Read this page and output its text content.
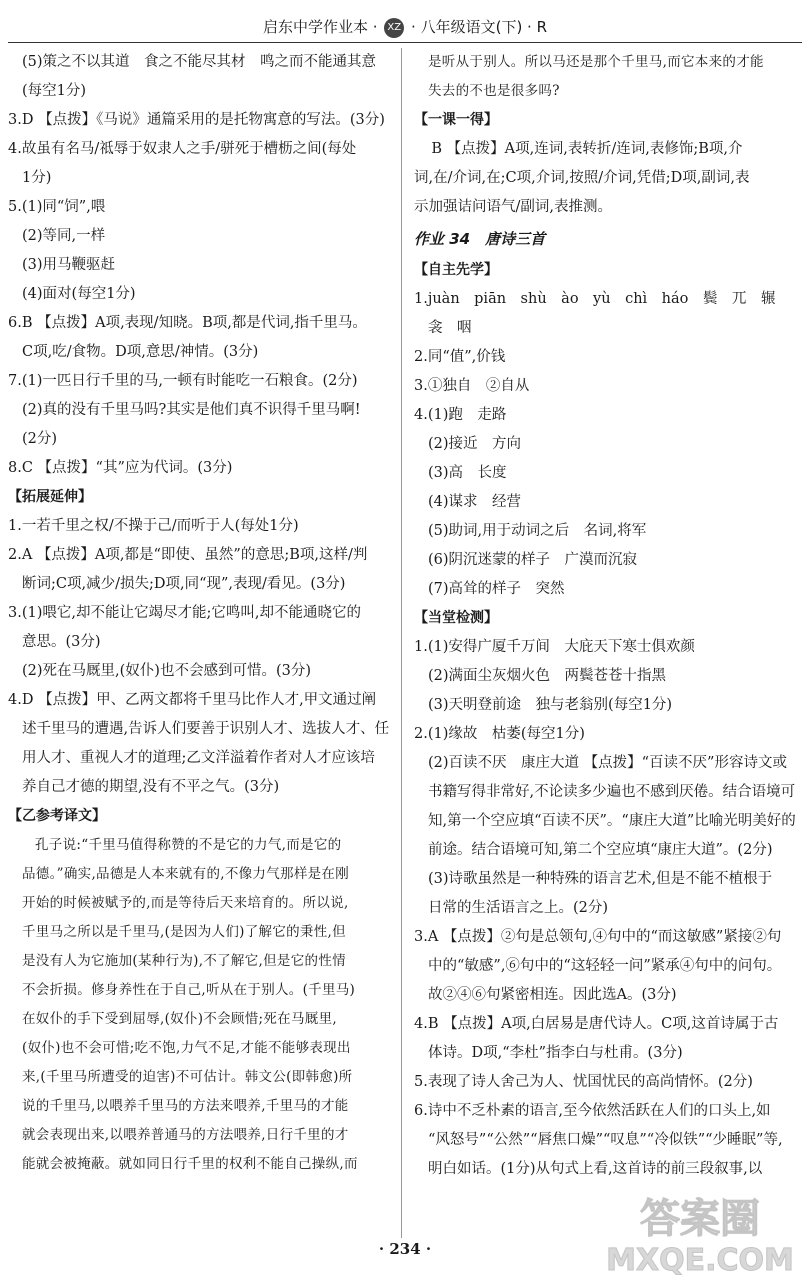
启东中学作业本 · XZ · 八年级语文(下) · R

(5)策之不以其道　食之不能尽其材　鸣之而不能通其意

(每空1分)

3.D 【点拨】《马说》通篇采用的是托物寓意的写法。(3分)

4.故虽有名马/祗辱于奴隶人之手/骈死于槽枥之间(每处

1分)

5.(1)同“饲”,喂

(2)等同,一样

(3)用马鞭驱赶

(4)面对(每空1分)

6.B 【点拨】A项,表现/知晓。B项,都是代词,指千里马。

C项,吃/食物。D项,意思/神情。(3分)

7.(1)一匹日行千里的马,一顿有时能吃一石粮食。(2分)

(2)真的没有千里马吗?其实是他们真不识得千里马啊!

(2分)

8.C 【点拨】“其”应为代词。(3分)

【拓展延伸】

1.一若千里之权/不操于己/而听于人(每处1分)

2.A 【点拨】A项,都是“即使、虽然”的意思;B项,这样/判

断词;C项,减少/损失;D项,同“现”,表现/看见。(3分)

3.(1)喂它,却不能让它竭尽才能;它鸣叫,却不能通晓它的

意思。(3分)

(2)死在马厩里,(奴仆)也不会感到可惜。(3分)

4.D 【点拨】甲、乙两文都将千里马比作人才,甲文通过阐

述千里马的遭遇,告诉人们要善于识别人才、选拔人才、任

用人才、重视人才的道理;乙文洋溢着作者对人才应该培

养自己才德的期望,没有不平之气。(3分)

【乙参考译文】

孔子说:“千里马值得称赞的不是它的力气,而是它的

品德。”确实,品德是人本来就有的,不像力气那样是在刚

开始的时候被赋予的,而是等待后天来培育的。所以说,

千里马之所以是千里马,(是因为人们)了解它的秉性,但

是没有人为它施加(某种行为),不了解它,但是它的性情

不会折损。修身养性在于自己,听从在于别人。(千里马)

在奴仆的手下受到屈辱,(奴仆)不会顾惜;死在马厩里,

(奴仆)也不会可惜;吃不饱,力气不足,才能不能够表现出

来,(千里马所遭受的迫害)不可估计。韩文公(即韩愈)所

说的千里马,以喂养千里马的方法来喂养,千里马的才能

就会表现出来,以喂养普通马的方法喂养,日行千里的才

能就会被掩蔽。就如同日行千里的权利不能自己操纵,而

是听从于别人。所以马还是那个千里马,而它本来的才能

失去的不也是很多吗?

【一课一得】

B 【点拨】A项,连词,表转折/连词,表修饰;B项,介

词,在/介词,在;C项,介词,按照/介词,凭借;D项,副词,表

示加强诘问语气/副词,表推测。

作业 34　唐诗三首

【自主先学】

1.juàn　piān　shù　ào　yù　chì　háo　鬓　兀　辗

衾　咽

2.同“值”,价钱

3.①独自　②自从

4.(1)跑　走路

(2)接近　方向

(3)高　长度

(4)谋求　经营

(5)助词,用于动词之后　名词,将军

(6)阴沉迷蒙的样子　广漠而沉寂

(7)高耸的样子　突然

【当堂检测】

1.(1)安得广厦千万间　大庇天下寒士俱欢颜

(2)满面尘灰烟火色　两鬓苍苍十指黑

(3)天明登前途　独与老翁别(每空1分)

2.(1)缘故　枯萎(每空1分)

(2)百读不厌　康庄大道 【点拨】“百读不厌”形容诗文或

书籍写得非常好,不论读多少遍也不感到厌倦。结合语境可

知,第一个空应填“百读不厌”。“康庄大道”比喻光明美好的

前途。结合语境可知,第二个空应填“康庄大道”。(2分)

(3)诗歌虽然是一种特殊的语言艺术,但是不能不植根于

日常的生活语言之上。(2分)

3.A 【点拨】②句是总领句,④句中的“而这敏感”紧接②句

中的“敏感”,⑥句中的“这轻轻一问”紧承④句中的问句。

故②④⑥句紧密相连。因此选A。(3分)

4.B 【点拨】A项,白居易是唐代诗人。C项,这首诗属于古

体诗。D项,“李杜”指李白与杜甫。(3分)

5.表现了诗人舍己为人、忧国忧民的高尚情怀。(2分)

6.诗中不乏朴素的语言,至今依然活跃在人们的口头上,如

“风怒号”“公然”“唇焦口燥”“叹息”“冷似铁”“少睡眠”等,

明白如话。(1分)从句式上看,这首诗的前三段叙事,以

· 234 ·
答案圈
MXQE.COM
